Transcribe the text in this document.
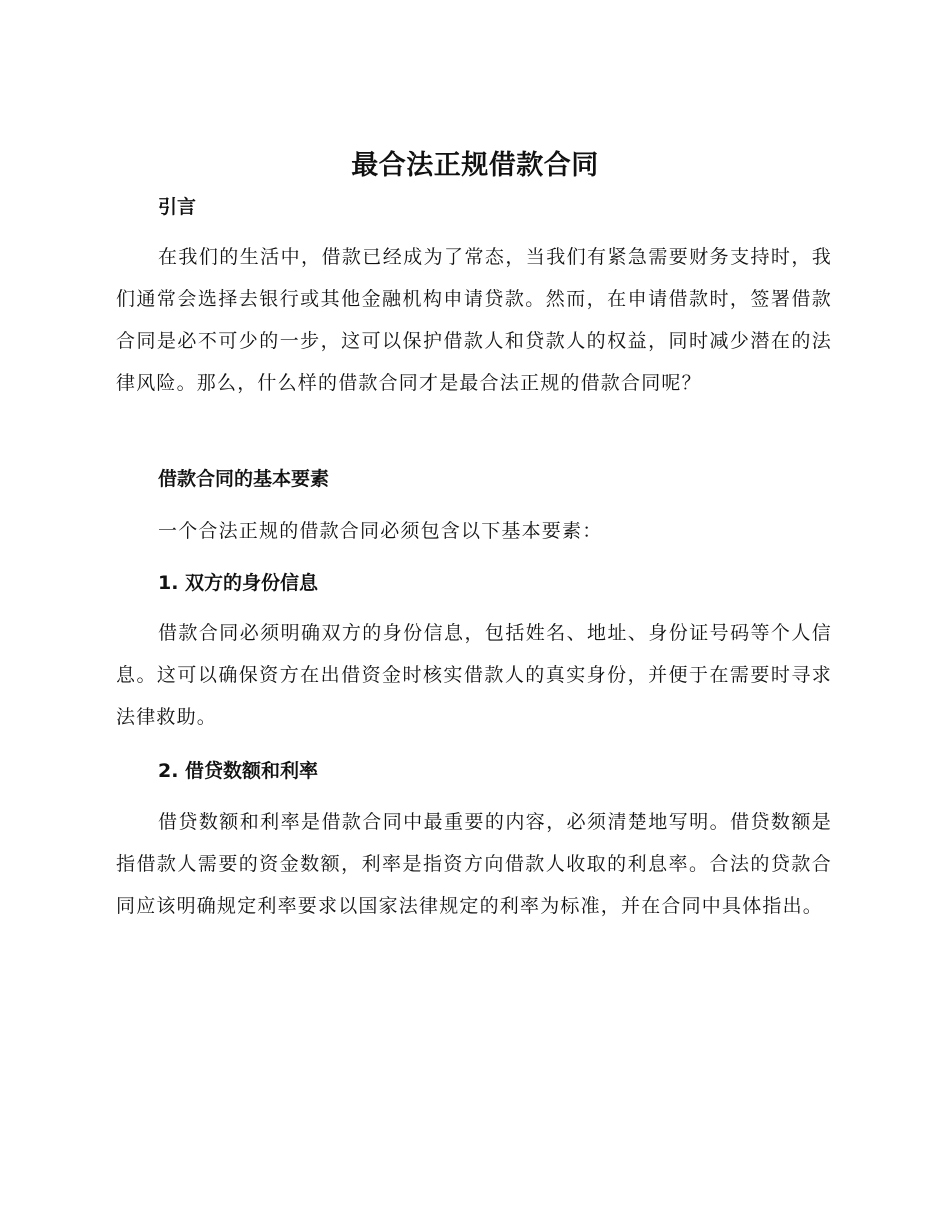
最合法正规借款合同
引言
在我们的生活中，借款已经成为了常态，当我们有紧急需要财务支持时，我们通常会选择去银行或其他金融机构申请贷款。然而，在申请借款时，签署借款合同是必不可少的一步，这可以保护借款人和贷款人的权益，同时减少潜在的法律风险。那么，什么样的借款合同才是最合法正规的借款合同呢？
借款合同的基本要素
一个合法正规的借款合同必须包含以下基本要素：
1. 双方的身份信息
借款合同必须明确双方的身份信息，包括姓名、地址、身份证号码等个人信息。这可以确保资方在出借资金时核实借款人的真实身份，并便于在需要时寻求法律救助。
2. 借贷数额和利率
借贷数额和利率是借款合同中最重要的内容，必须清楚地写明。借贷数额是指借款人需要的资金数额，利率是指资方向借款人收取的利息率。合法的贷款合同应该明确规定利率要求以国家法律规定的利率为标准，并在合同中具体指出。
